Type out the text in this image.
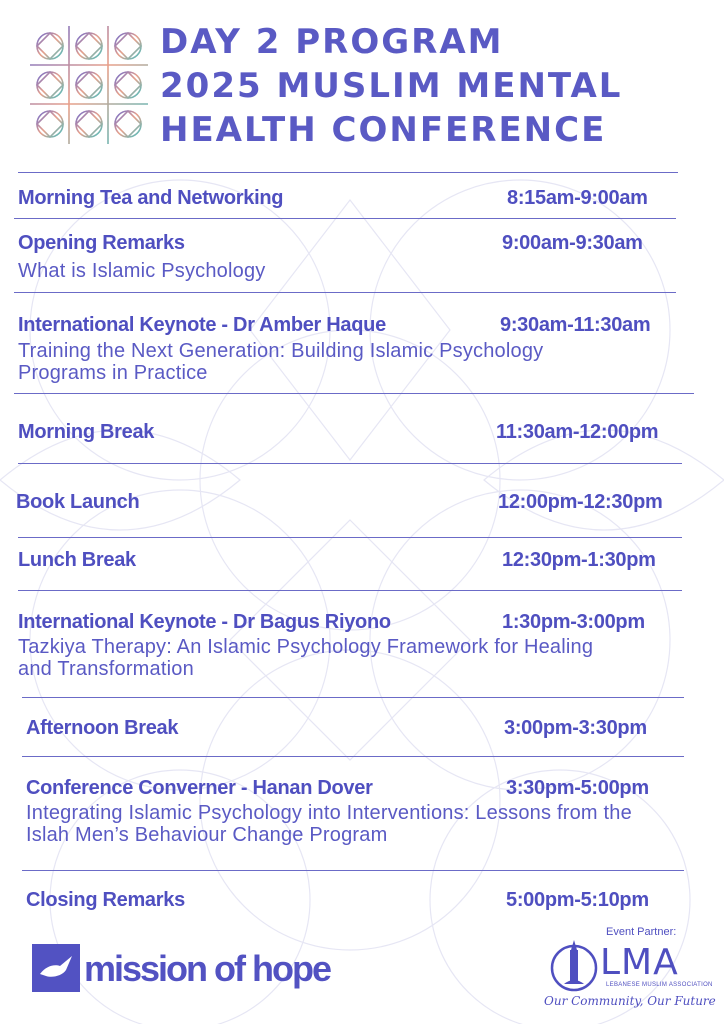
DAY 2 PROGRAM
2025 MUSLIM MENTAL
HEALTH CONFERENCE
Morning Tea and Networking	8:15am-9:00am
Opening Remarks	9:00am-9:30am
What is Islamic Psychology
International Keynote - Dr Amber Haque	9:30am-11:30am
Training the Next Generation: Building Islamic Psychology
Programs in Practice
Morning Break	11:30am-12:00pm
Book Launch	12:00pm-12:30pm
Lunch Break	12:30pm-1:30pm
International Keynote - Dr Bagus Riyono	1:30pm-3:00pm
Tazkiya Therapy: An Islamic Psychology Framework for Healing
and Transformation
Afternoon Break	3:00pm-3:30pm
Conference Converner - Hanan Dover	3:30pm-5:00pm
Integrating Islamic Psychology into Interventions: Lessons from the
Islah Men’s Behaviour Change Program
Closing Remarks	5:00pm-5:10pm
mission of hope
Event Partner:
LMA
LEBANESE MUSLIM ASSOCIATION
Our Community, Our Future
